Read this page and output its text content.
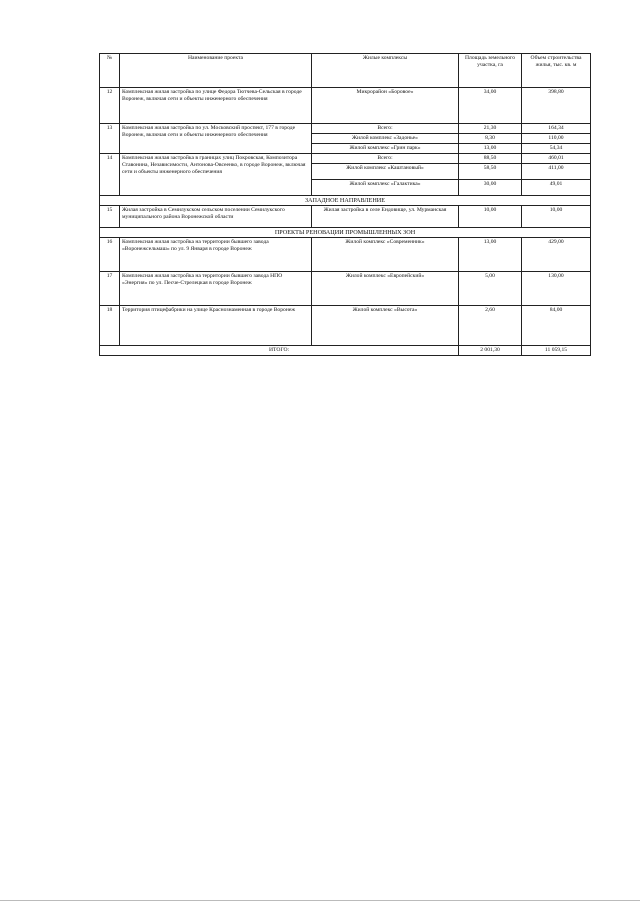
№	Наименование проекта	Жилые комплексы	Площадь земельного участка, га	Объем строительства жилья, тыс. кв. м
12	Комплексная жилая застройка по улице Федора Тютчева-Сельская в городе Воронеж, включая сети и объекты инженерного обеспечения	Микрорайон «Боровое»	34,00	398,80
13	Комплексная жилая застройка по ул. Московский проспект, 177 в городе Воронеж, включая сети и объекты инженерного обеспечения	Всего:	21,30	164,34
		Жилой комплекс «Задонье»	8,30	110,00
		Жилой комплекс «Грин парк»	13,00	54,34
14	Комплексная жилая застройка в границах улиц Покровская, Композитора Ставонина, Независимости, Антонова-Овсеенко, в городе Воронеж, включая сети и объекты инженерного обеспечения	Всего:	88,50	460,01
		Жилой комплекс «Каштановый»	58,50	411,00
		Жилой комплекс «Галактика»	30,00	49,01
ЗАПАДНОЕ НАПРАВЛЕНИЕ				
15	Жилая застройка в Семилукском сельском поселении Семилукского муниципального района Воронежской области	Жилая застройка в селе Ендовище, ул. Мурманская	10,00	10,00
ПРОЕКТЫ РЕНОВАЦИИ ПРОМЫШЛЕННЫХ ЗОН				
16	Комплексная жилая застройка на территории бывшего завода «Воронежсельмаш» по ул. 9 Января в городе Воронеж	Жилой комплекс «Современник»	13,00	429,00
17	Комплексная жилая застройка на территории бывшего завода НПО «Энергия» по ул. Песче-Стрелецкая в городе Воронеж	Жилой комплекс «Европейский»	5,00	130,00
18	Территория птицефабрики на улице Краснознаменная в городе Воронеж	Жилой комплекс «Высота»	2,60	84,00
ИТОГО:			2 001,30	11 059,15
